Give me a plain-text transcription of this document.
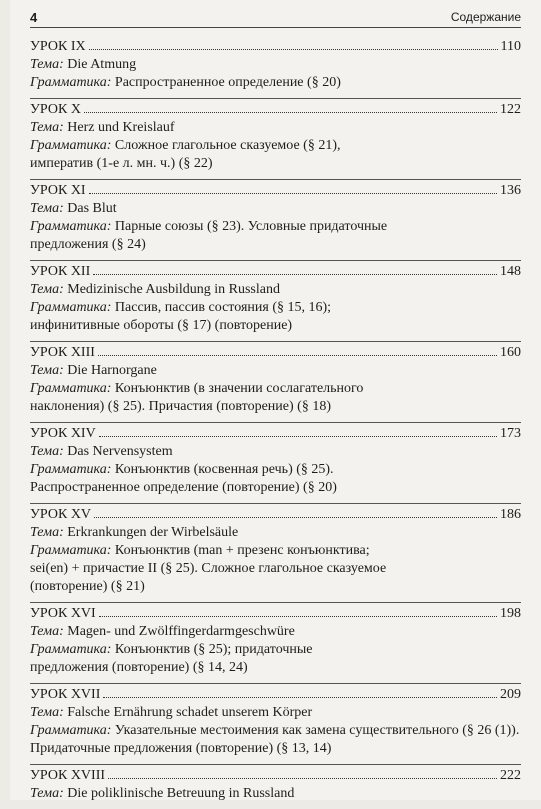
4	Содержание
УРОК IX	110
Тема: Die Atmung
Грамматика: Распространенное определение (§ 20)
УРОК X	122
Тема: Herz und Kreislauf
Грамматика: Сложное глагольное сказуемое (§ 21),
императив (1-е л. мн. ч.) (§ 22)
УРОК XI	136
Тема: Das Blut
Грамматика: Парные союзы (§ 23). Условные придаточные
предложения (§ 24)
УРОК XII	148
Тема: Medizinische Ausbildung in Russland
Грамматика: Пассив, пассив состояния (§ 15, 16);
инфинитивные обороты (§ 17) (повторение)
УРОК XIII	160
Тема: Die Harnorgane
Грамматика: Конъюнктив (в значении сослагательного
наклонения) (§ 25). Причастия (повторение) (§ 18)
УРОК XIV	173
Тема: Das Nervensystem
Грамматика: Конъюнктив (косвенная речь) (§ 25).
Распространенное определение (повторение) (§ 20)
УРОК XV	186
Тема: Erkrankungen der Wirbelsäule
Грамматика: Конъюнктив (man + презенс конъюнктива;
sei(en) + причастие II (§ 25). Сложное глагольное сказуемое
(повторение) (§ 21)
УРОК XVI	198
Тема: Magen- und Zwölffingerdarmgeschwüre
Грамматика: Конъюнктив (§ 25); придаточные
предложения (повторение) (§ 14, 24)
УРОК XVII	209
Тема: Falsche Ernährung schadet unserem Körper
Грамматика: Указательные местоимения как замена существительного (§ 26 (1)).
Придаточные предложения (повторение) (§ 13, 14)
УРОК XVIII	222
Тема: Die poliklinische Betreuung in Russland
